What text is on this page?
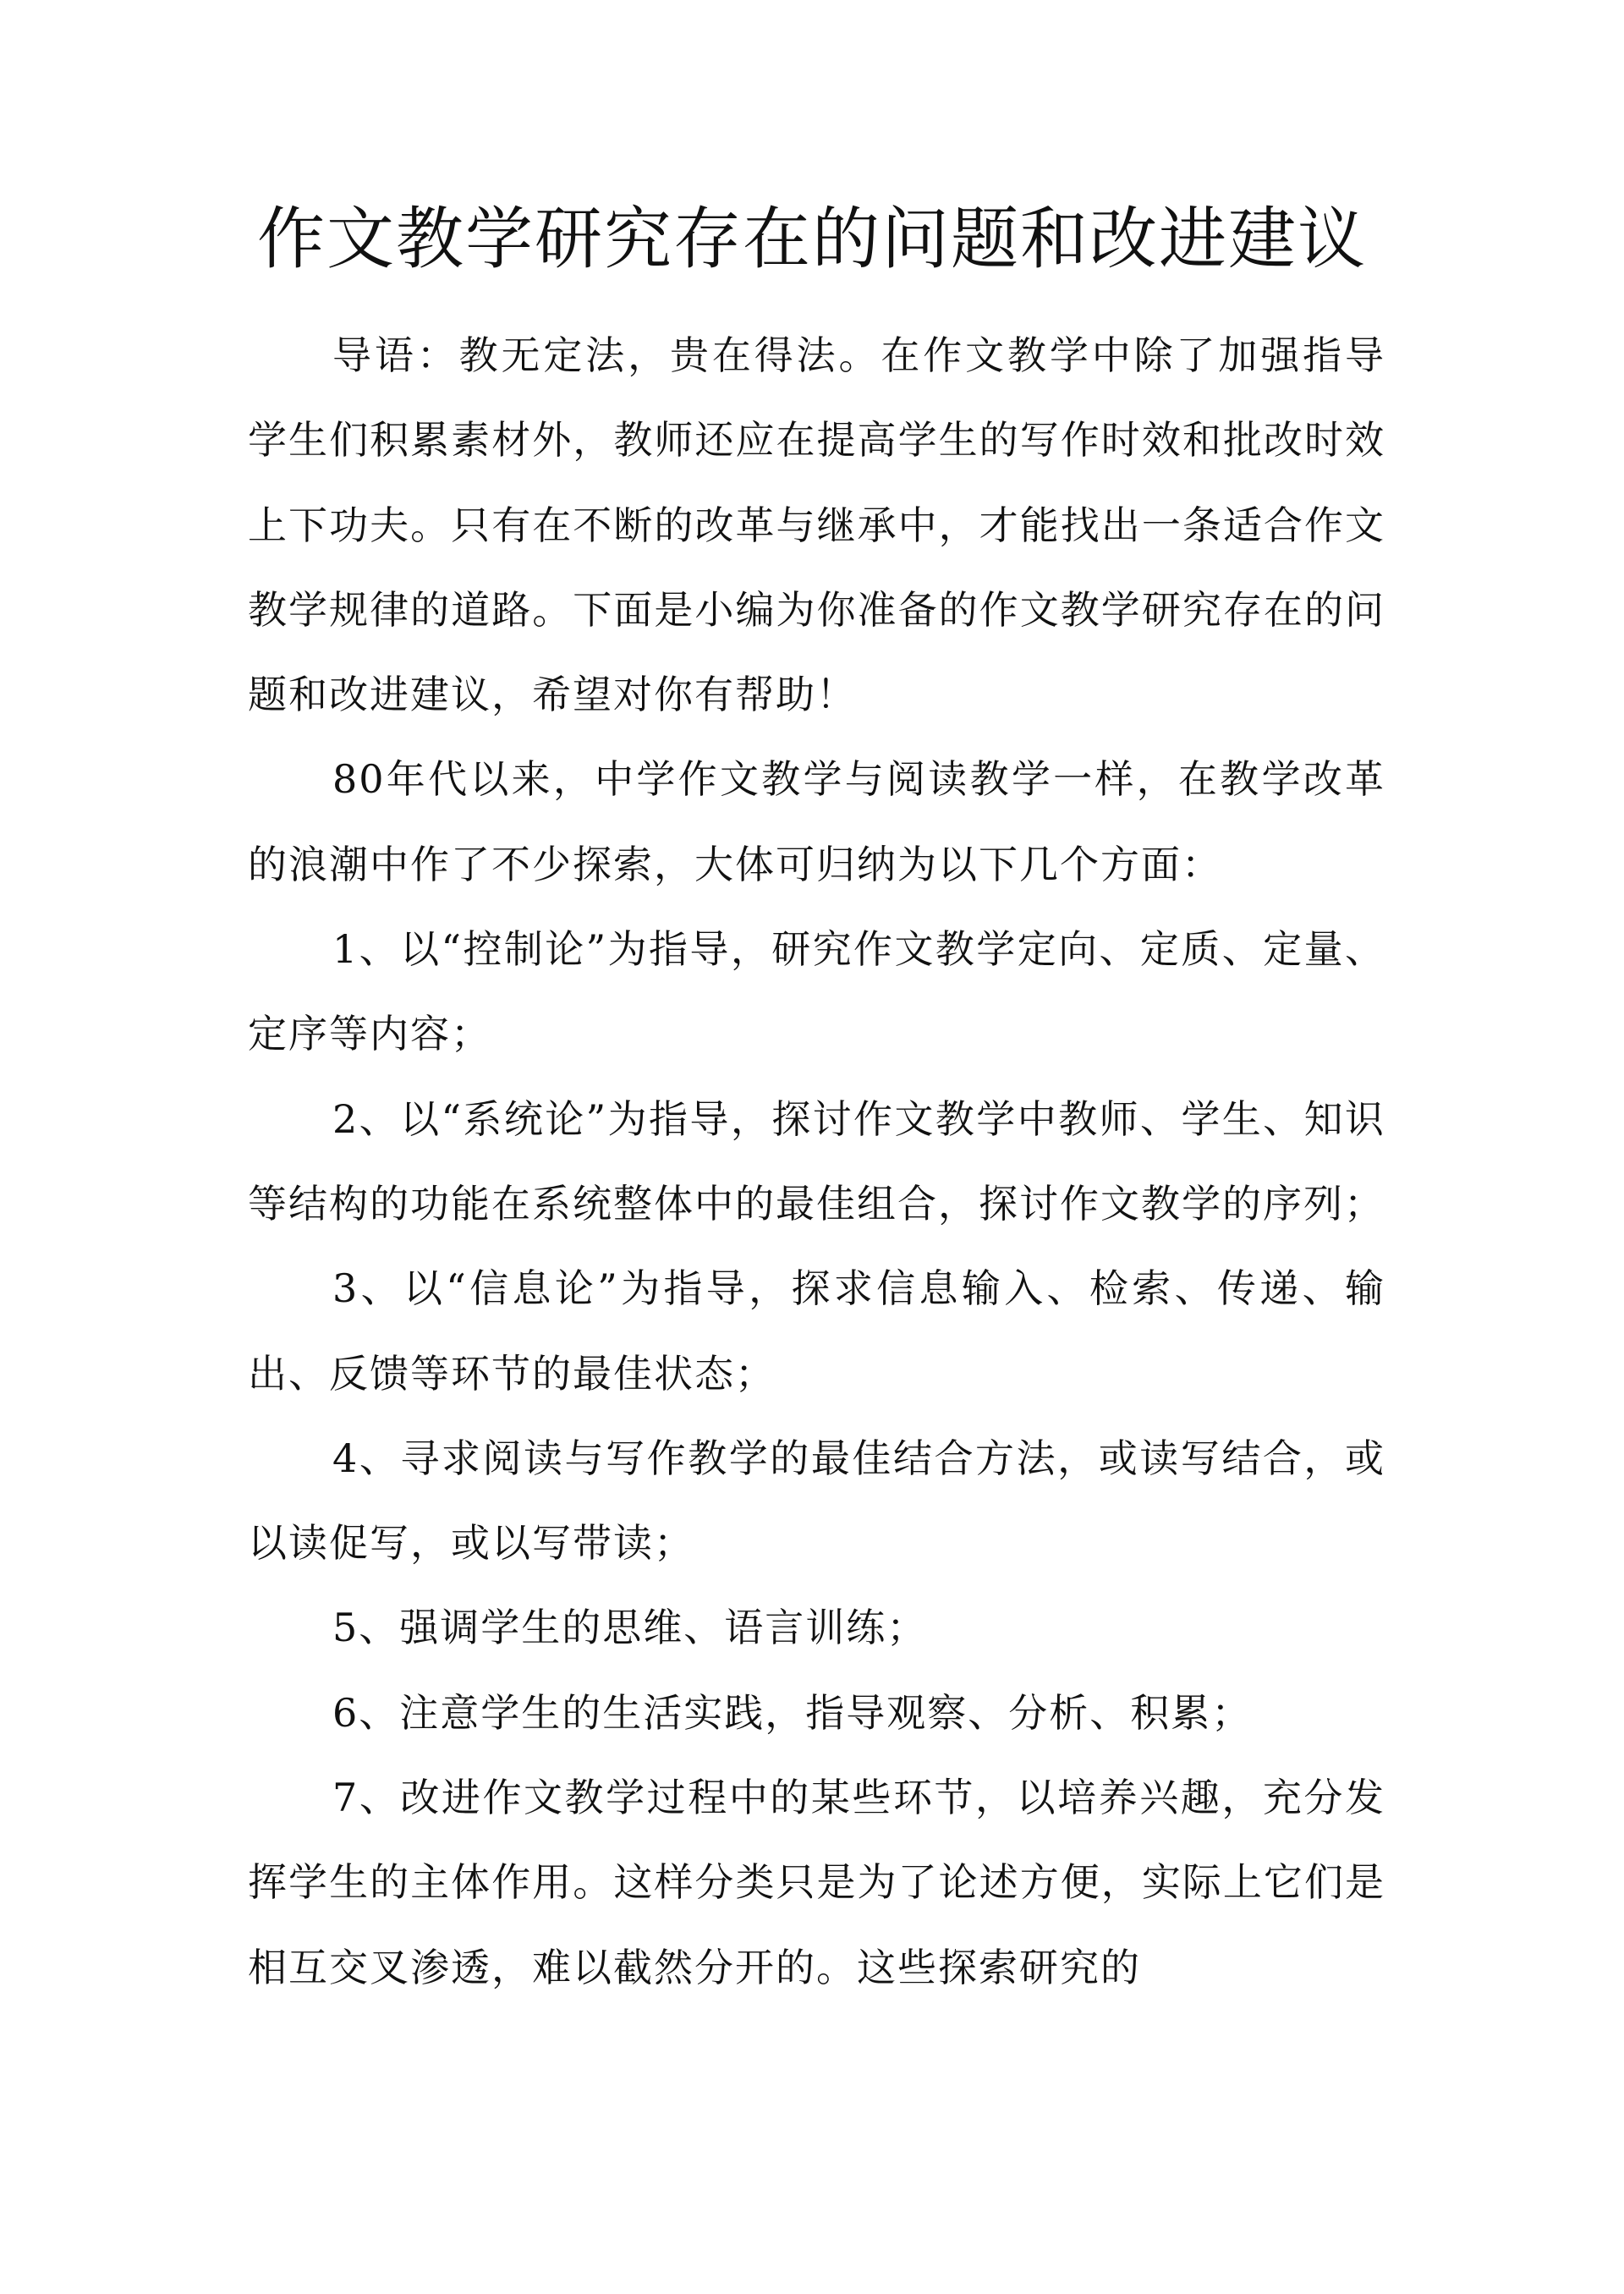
作文教学研究存在的问题和改进建议

导语：教无定法，贵在得法。在作文教学中除了加强指导学生们积累素材外，教师还应在提高学生的写作时效和批改时效上下功夫。只有在不断的改革与继承中，才能找出一条适合作文教学规律的道路。下面是小编为你准备的作文教学研究存在的问题和改进建议，希望对你有帮助！

80年代以来，中学作文教学与阅读教学一样，在教学改革的浪潮中作了不少探索，大体可归纳为以下几个方面：

1、以“控制论”为指导，研究作文教学定向、定质、定量、定序等内容；

2、以“系统论”为指导，探讨作文教学中教师、学生、知识等结构的功能在系统整体中的最佳组合，探讨作文教学的序列；

3、以“信息论”为指导，探求信息输入、检索、传递、输出、反馈等环节的最佳状态；

4、寻求阅读与写作教学的最佳结合方法，或读写结合，或以读促写，或以写带读；

5、强调学生的思维、语言训练；

6、注意学生的生活实践，指导观察、分析、积累；

7、改进作文教学过程中的某些环节，以培养兴趣，充分发挥学生的主体作用。这样分类只是为了论述方便，实际上它们是相互交叉渗透，难以截然分开的。这些探索研究的
